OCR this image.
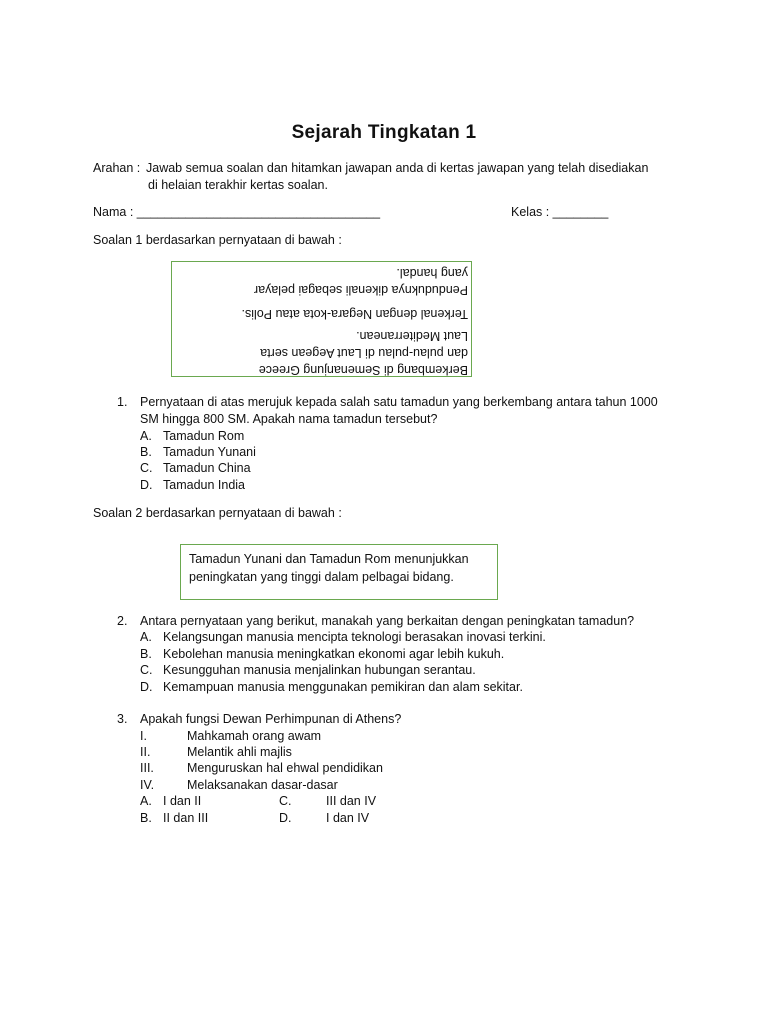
Sejarah Tingkatan 1
Arahan : Jawab semua soalan dan hitamkan jawapan anda di kertas jawapan yang telah disediakan
di helaian terakhir kertas soalan.
Nama : ___________________________________	Kelas : ________
Soalan 1 berdasarkan pernyataan di bawah :
Berkembang di Semenanjung Greece
dan pulau-pulau di Laut Aegean serta
Laut Mediterranean.
Terkenal dengan Negara-kota atau Polis.
Penduduknya dikenali sebagai pelayar
yang handal.
1. Pernyataan di atas merujuk kepada salah satu tamadun yang berkembang antara tahun 1000
SM hingga 800 SM. Apakah nama tamadun tersebut?
A. Tamadun Rom
B. Tamadun Yunani
C. Tamadun China
D. Tamadun India
Soalan 2 berdasarkan pernyataan di bawah :
Tamadun Yunani dan Tamadun Rom menunjukkan
peningkatan yang tinggi dalam pelbagai bidang.
2. Antara pernyataan yang berikut, manakah yang berkaitan dengan peningkatan tamadun?
A. Kelangsungan manusia mencipta teknologi berasakan inovasi terkini.
B. Kebolehan manusia meningkatkan ekonomi agar lebih kukuh.
C. Kesungguhan manusia menjalinkan hubungan serantau.
D. Kemampuan manusia menggunakan pemikiran dan alam sekitar.
3. Apakah fungsi Dewan Perhimpunan di Athens?
I.	Mahkamah orang awam
II.	Melantik ahli majlis
III.	Menguruskan hal ehwal pendidikan
IV.	Melaksanakan dasar-dasar
A. I dan II	C.	III dan IV
B. II dan III	D.	I dan IV
